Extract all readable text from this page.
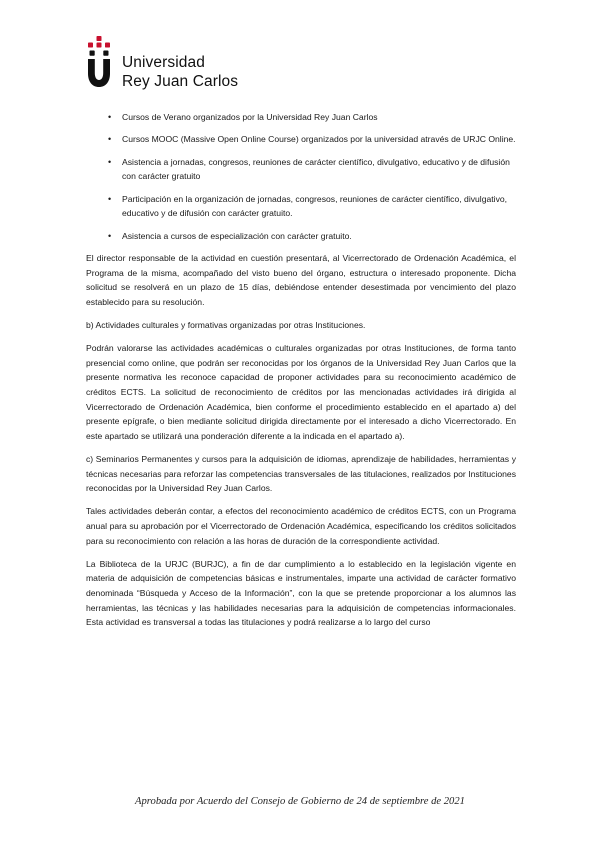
Universidad
Rey Juan Carlos
• Cursos de Verano organizados por la Universidad Rey Juan Carlos
• Cursos MOOC (Massive Open Online Course) organizados por la universidad através de URJC Online.
• Asistencia a jornadas, congresos, reuniones de carácter científico, divulgativo, educativo y de difusión con carácter gratuito
• Participación en la organización de jornadas, congresos, reuniones de carácter científico, divulgativo, educativo y de difusión con carácter gratuito.
• Asistencia a cursos de especialización con carácter gratuito.

El director responsable de la actividad en cuestión presentará, al Vicerrectorado de Ordenación Académica, el Programa de la misma, acompañado del visto bueno del órgano, estructura o interesado proponente. Dicha solicitud se resolverá en un plazo de 15 días, debiéndose entender desestimada por vencimiento del plazo establecido para su resolución.

b) Actividades culturales y formativas organizadas por otras Instituciones.

Podrán valorarse las actividades académicas o culturales organizadas por otras Instituciones, de forma tanto presencial como online, que podrán ser reconocidas por los órganos de la Universidad Rey Juan Carlos que la presente normativa les reconoce capacidad de proponer actividades para su reconocimiento académico de créditos ECTS. La solicitud de reconocimiento de créditos por las mencionadas actividades irá dirigida al Vicerrectorado de Ordenación Académica, bien conforme el procedimiento establecido en el apartado a) del presente epígrafe, o bien mediante solicitud dirigida directamente por el interesado a dicho Vicerrectorado. En este apartado se utilizará una ponderación diferente a la indicada en el apartado a).

c) Seminarios Permanentes y cursos para la adquisición de idiomas, aprendizaje de habilidades, herramientas y técnicas necesarias para reforzar las competencias transversales de las titulaciones, realizados por Instituciones reconocidas por la Universidad Rey Juan Carlos.

Tales actividades deberán contar, a efectos del reconocimiento académico de créditos ECTS, con un Programa anual para su aprobación por el Vicerrectorado de Ordenación Académica, especificando los créditos solicitados para su reconocimiento con relación a las horas de duración de la correspondiente actividad.

La Biblioteca de la URJC (BURJC), a fin de dar cumplimiento a lo establecido en la legislación vigente en materia de adquisición de competencias básicas e instrumentales, imparte una actividad de carácter formativo denominada “Búsqueda y Acceso de la Información”, con la que se pretende proporcionar a los alumnos las herramientas, las técnicas y las habilidades necesarias para la adquisición de competencias informacionales. Esta actividad es transversal a todas las titulaciones y podrá realizarse a lo largo del curso

Aprobada por Acuerdo del Consejo de Gobierno de 24 de septiembre de 2021
